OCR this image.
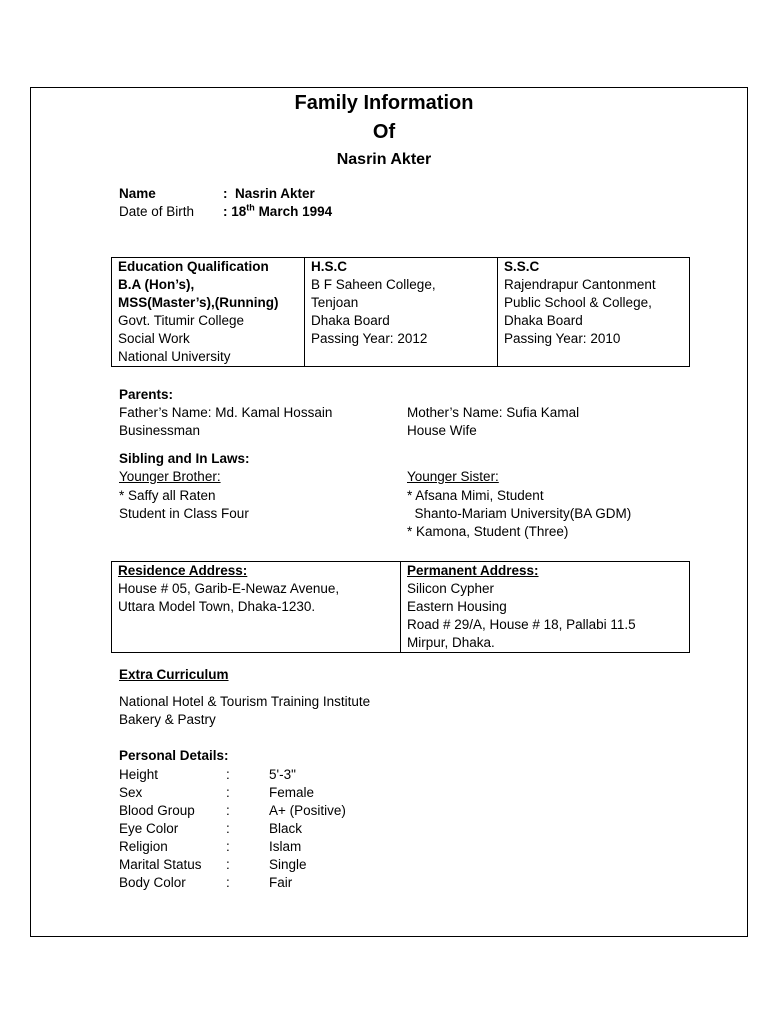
Family Information
Of
Nasrin Akter
Name	: Nasrin Akter
Date of Birth : 18th March 1994
Education Qualification
B.A (Hon’s),
MSS(Master’s),(Running)
Govt. Titumir College
Social Work
National University

H.S.C
B F Saheen College,
Tenjoan
Dhaka Board
Passing Year: 2012

S.S.C
Rajendrapur Cantonment
Public School & College,
Dhaka Board
Passing Year: 2010
Parents:
Father’s Name: Md. Kamal Hossain
Businessman
Mother’s Name: Sufia Kamal
House Wife
Sibling and In Laws:
Younger Brother:
* Saffy all Raten
Student in Class Four
Younger Sister:
* Afsana Mimi, Student
Shanto-Mariam University(BA GDM)
* Kamona, Student (Three)
Residence Address:
House # 05, Garib-E-Newaz Avenue,
Uttara Model Town, Dhaka-1230.

Permanent Address:
Silicon Cypher
Eastern Housing
Road # 29/A, House # 18, Pallabi 11.5
Mirpur, Dhaka.
Extra Curriculum
National Hotel & Tourism Training Institute
Bakery & Pastry
Personal Details:
Height	:	5'-3"
Sex	:	Female
Blood Group :	A+ (Positive)
Eye Color	:	Black
Religion	:	Islam
Marital Status :	Single
Body Color	:	Fair
